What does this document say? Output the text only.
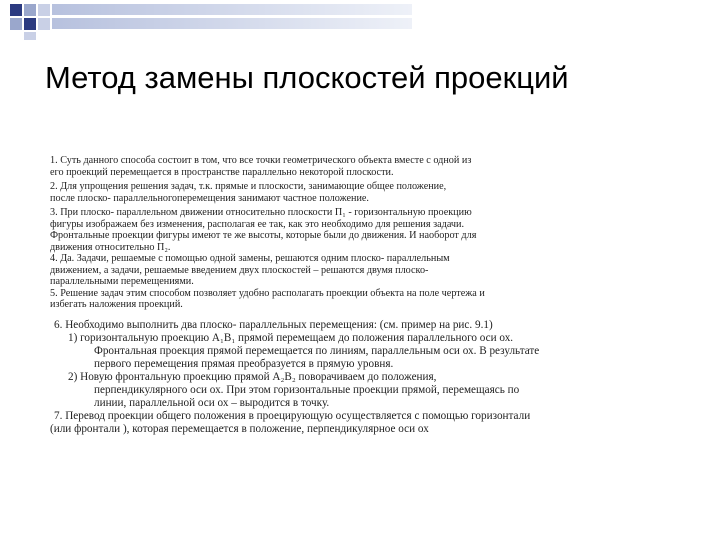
Метод замены плоскостей проекций

1. Суть данного способа состоит в том, что все точки геометрического объекта вместе с одной из

его проекций перемещается в пространстве параллельно некоторой плоскости.

2. Для упрощения решения задач, т.к. прямые и плоскости, занимающие общее положение,

после плоско- параллельногоперемещения занимают частное положение.

3. При плоско- параллельном движении относительно плоскости П₁ - горизонтальную проекцию

фигуры изображаем без изменения, располагая ее так, как это необходимо для решения задачи.

Фронтальные проекции фигуры имеют те же высоты, которые были до движения. И наоборот для

движения относительно П₂.

4. Да. Задачи, решаемые с помощью одной замены, решаются одним плоско- параллельным

движением, а задачи, решаемые введением двух плоскостей – решаются двумя плоско-

параллельными перемещениями.

5. Решение задач этим способом позволяет удобно располагать проекции объекта на поле чертежа и

избегать наложения проекций.

6. Необходимо выполнить два плоско- параллельных перемещения: (см. пример на рис. 9.1)

1) горизонтальную проекцию А₁В₁ прямой перемещаем до положения параллельного оси ох.

Фронтальная проекция прямой перемещается по линиям, параллельным оси ох. В результате

первого перемещения прямая преобразуется в прямую уровня.

2) Новую фронтальную проекцию прямой А₂В₂ поворачиваем до положения,

перпендикулярного оси ох. При этом горизонтальные проекции прямой, перемещаясь по

линии, параллельной оси ох – выродится в точку.

7. Перевод проекции общего положения в проецирующую осуществляется с помощью горизонтали

(или фронтали ), которая перемещается в положение, перпендикулярное оси ох
